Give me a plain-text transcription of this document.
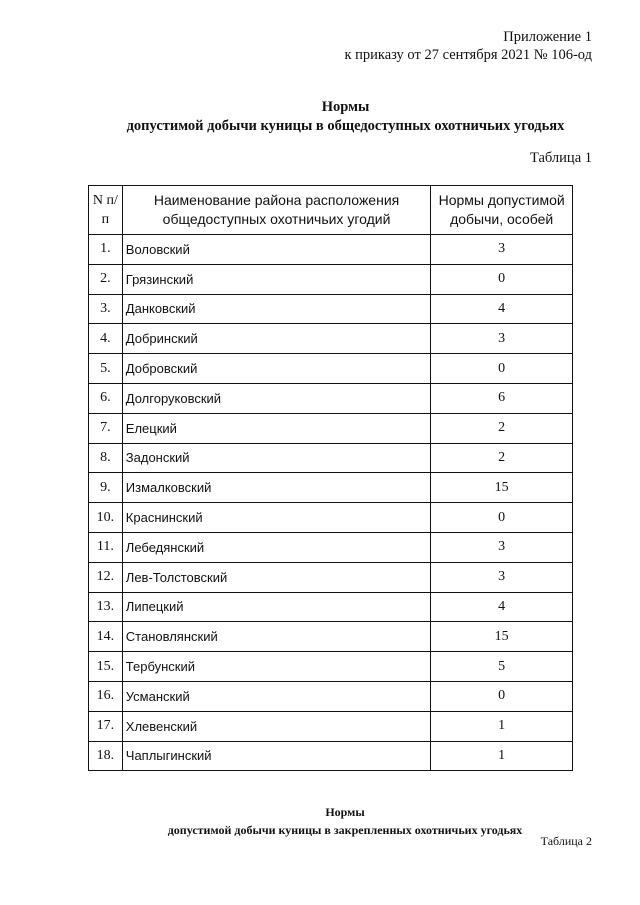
Приложение 1
к приказу от 27 сентября 2021 № 106-од
Нормы
допустимой добычи куницы в общедоступных охотничьих угодьях
Таблица 1
N п/п	Наименование района расположения общедоступных охотничьих угодий	Нормы допустимой добычи, особей
1.	Воловский	3
2.	Грязинский	0
3.	Данковский	4
4.	Добринский	3
5.	Добровский	0
6.	Долгоруковский	6
7.	Елецкий	2
8.	Задонский	2
9.	Измалковский	15
10.	Краснинский	0
11.	Лебедянский	3
12.	Лев-Толстовский	3
13.	Липецкий	4
14.	Становлянский	15
15.	Тербунский	5
16.	Усманский	0
17.	Хлевенский	1
18.	Чаплыгинский	1
Нормы
допустимой добычи куницы в закрепленных охотничьих угодьях
Таблица 2
